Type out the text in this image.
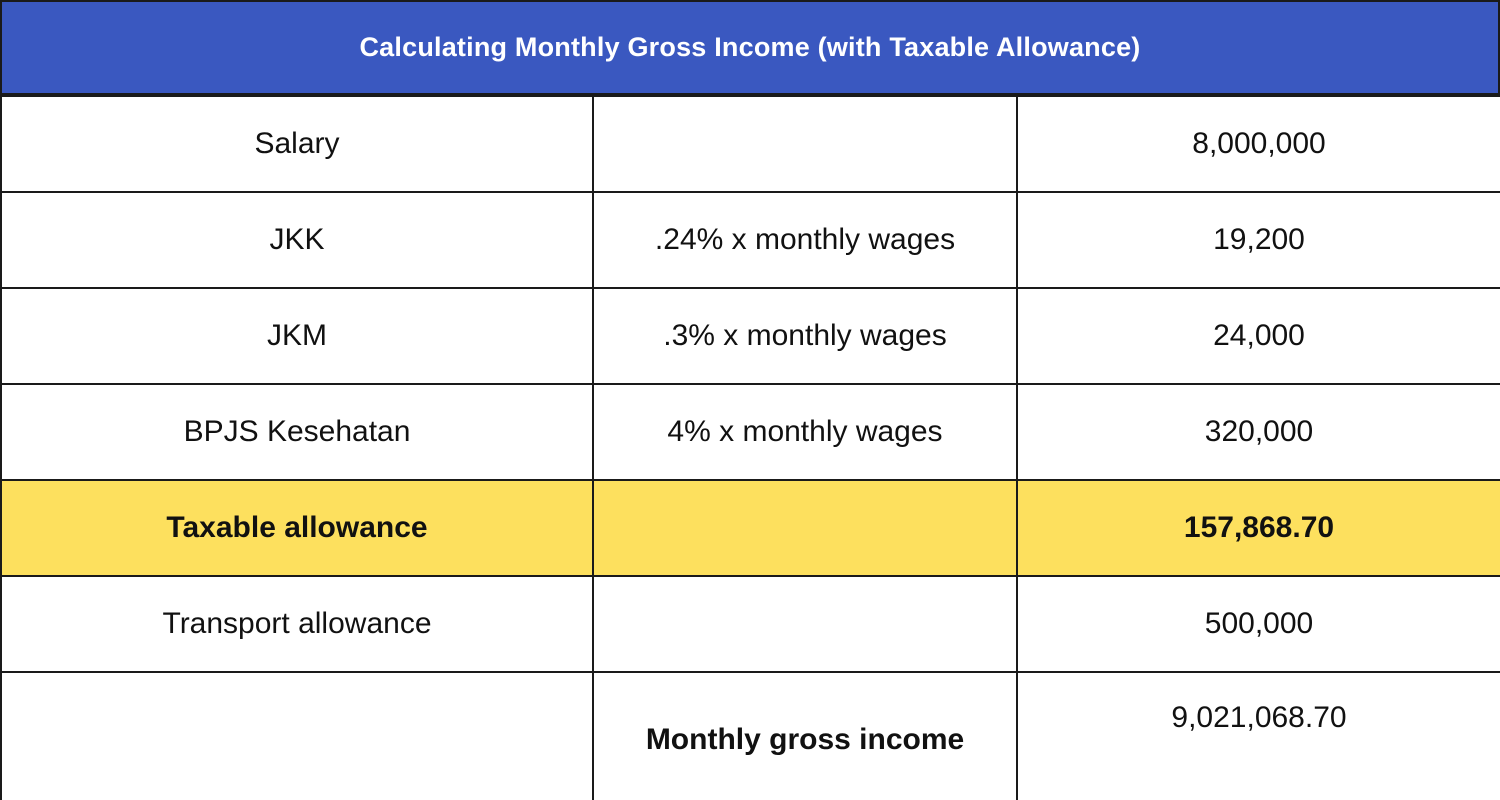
Calculating Monthly Gross Income (with Taxable Allowance)
Salary		8,000,000
JKK	.24% x monthly wages	19,200
JKM	.3% x monthly wages	24,000
BPJS Kesehatan	4% x monthly wages	320,000
Taxable allowance		157,868.70
Transport allowance		500,000
	Monthly gross income	9,021,068.70
